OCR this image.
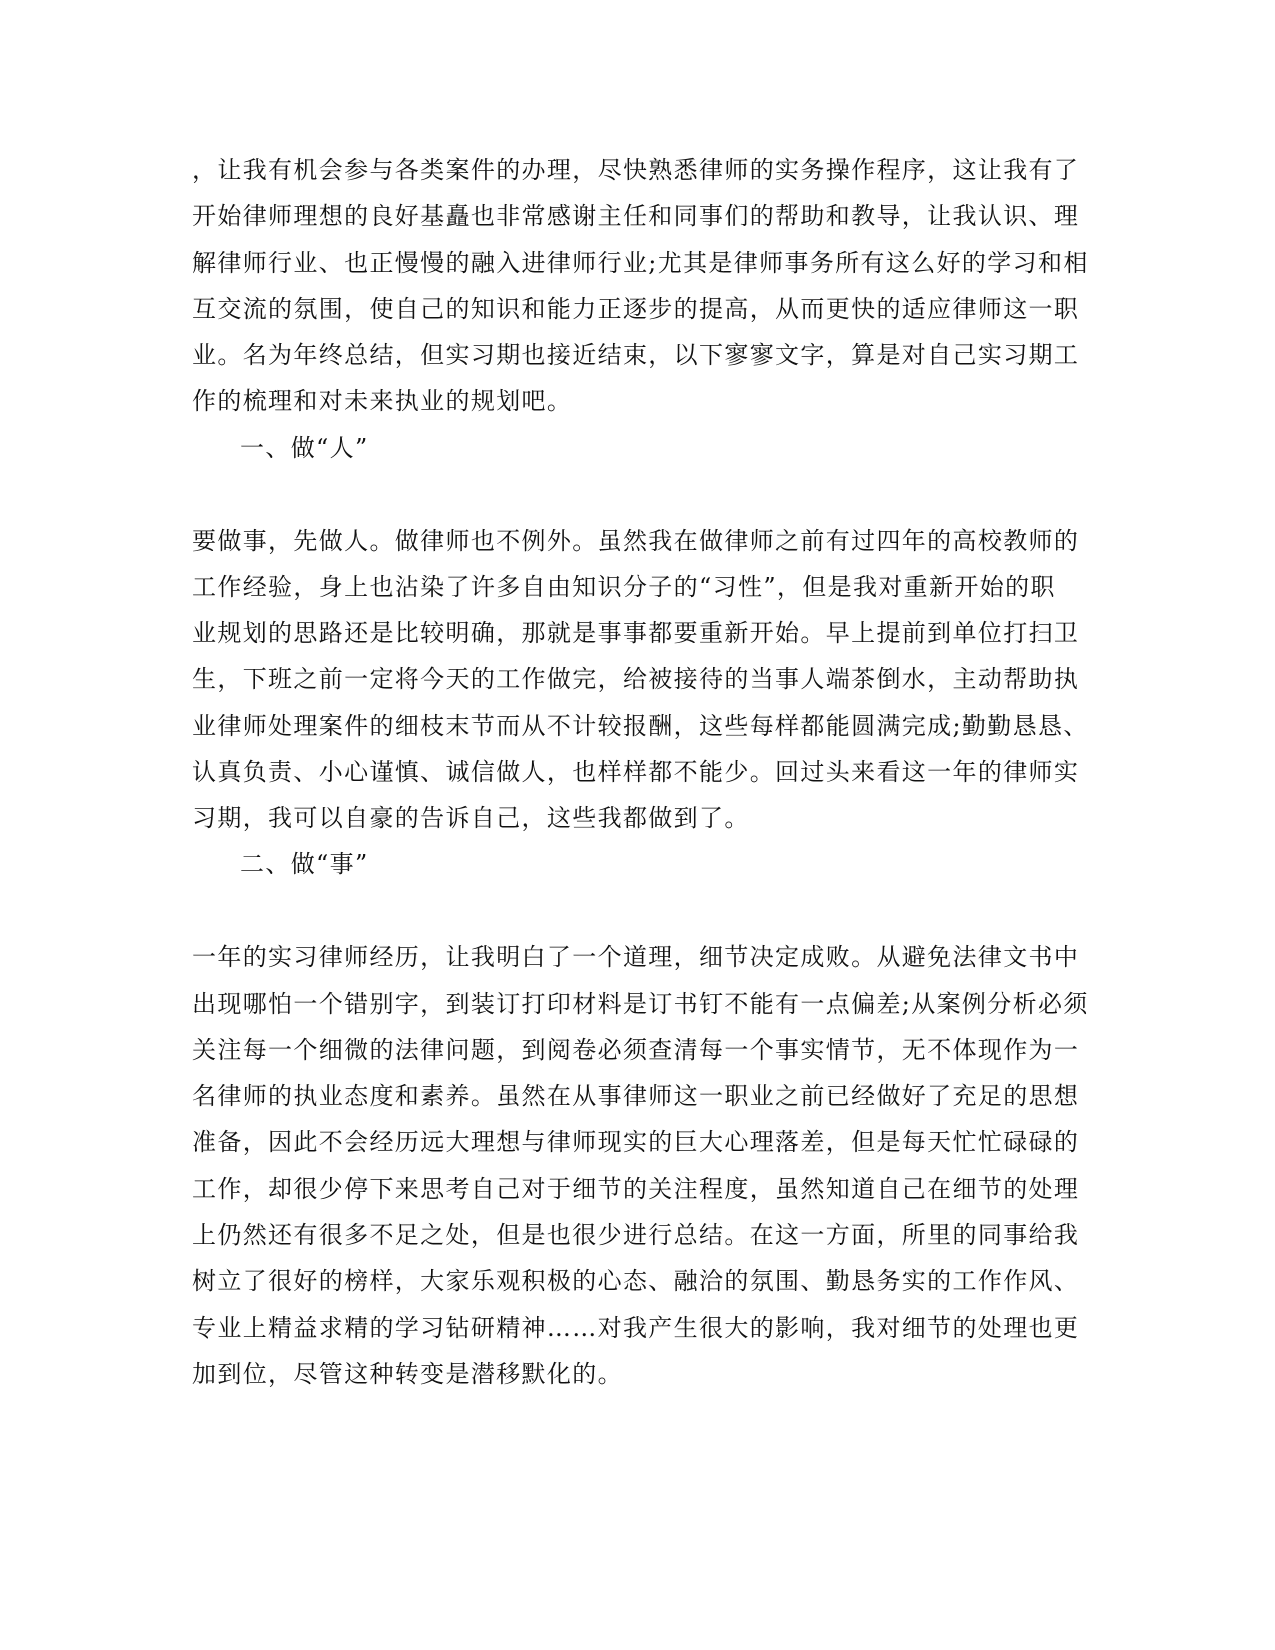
，让我有机会参与各类案件的办理，尽快熟悉律师的实务操作程序，这让我有了
开始律师理想的良好基矗也非常感谢主任和同事们的帮助和教导，让我认识、理
解律师行业、也正慢慢的融入进律师行业;尤其是律师事务所有这么好的学习和相
互交流的氛围，使自己的知识和能力正逐步的提高，从而更快的适应律师这一职
业。名为年终总结，但实习期也接近结束，以下寥寥文字，算是对自己实习期工
作的梳理和对未来执业的规划吧。
一、做“人”
要做事，先做人。做律师也不例外。虽然我在做律师之前有过四年的高校教师的
工作经验，身上也沾染了许多自由知识分子的“习性”，但是我对重新开始的职
业规划的思路还是比较明确，那就是事事都要重新开始。早上提前到单位打扫卫
生，下班之前一定将今天的工作做完，给被接待的当事人端茶倒水，主动帮助执
业律师处理案件的细枝末节而从不计较报酬，这些每样都能圆满完成;勤勤恳恳、
认真负责、小心谨慎、诚信做人，也样样都不能少。回过头来看这一年的律师实
习期，我可以自豪的告诉自己，这些我都做到了。
二、做“事”
一年的实习律师经历，让我明白了一个道理，细节决定成败。从避免法律文书中
出现哪怕一个错别字，到装订打印材料是订书钉不能有一点偏差;从案例分析必须
关注每一个细微的法律问题，到阅卷必须查清每一个事实情节，无不体现作为一
名律师的执业态度和素养。虽然在从事律师这一职业之前已经做好了充足的思想
准备，因此不会经历远大理想与律师现实的巨大心理落差，但是每天忙忙碌碌的
工作，却很少停下来思考自己对于细节的关注程度，虽然知道自己在细节的处理
上仍然还有很多不足之处，但是也很少进行总结。在这一方面，所里的同事给我
树立了很好的榜样，大家乐观积极的心态、融洽的氛围、勤恳务实的工作作风、
专业上精益求精的学习钻研精神……对我产生很大的影响，我对细节的处理也更
加到位，尽管这种转变是潜移默化的。
